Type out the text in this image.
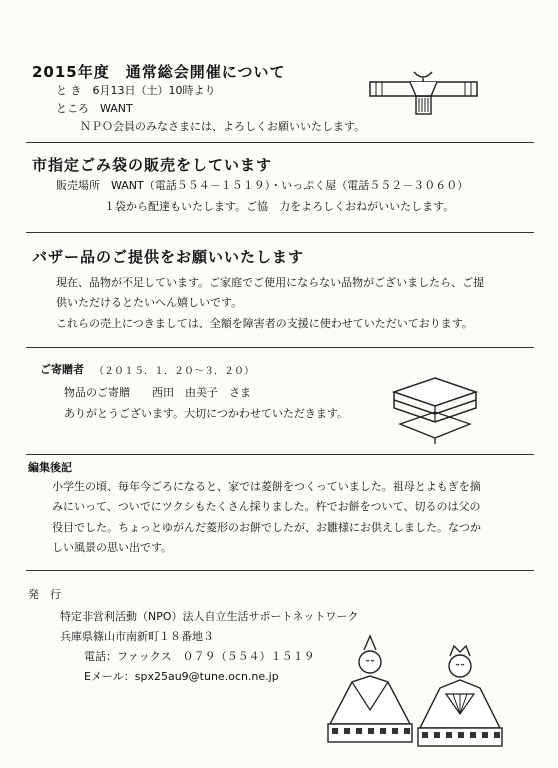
2015年度　通常総会開催について
と き　6月13日（土）10時より
ところ　WANT
ＮＰＯ会員のみなさまには、よろしくお願いいたします。
市指定ごみ袋の販売をしています
販売場所　WANT（電話５５４－１５１９）・いっぷく屋（電話５５２－３０６０）
１袋から配達もいたします。ご協　力をよろしくおねがいいたします。
バザー品のご提供をお願いいたします
現在、品物が不足しています。ご家庭でご使用にならない品物がございましたら、ご提
供いただけるとたいへん嬉しいです。
これらの売上につきましては、全額を障害者の支援に使わせていただいております。
ご寄贈者 （２０１５．１．２０～３．２０）
物品のご寄贈　　西田　由美子　さま
ありがとうございます。大切につかわせていただきます。
編集後記
小学生の頃、毎年今ごろになると、家では菱餅をつくっていました。祖母とよもぎを摘
みにいって、ついでにツクシもたくさん採りました。杵でお餅をついて、切るのは父の
役目でした。ちょっとゆがんだ菱形のお餅でしたが、お雛様にお供えしました。なつか
しい風景の思い出です。
発　行
特定非営利活動（NPO）法人自立生活サポートネットワーク
兵庫県篠山市南新町１８番地３
電話：ファックス　０７９（５５４）１５１９
Eメール：spx25au9@tune.ocn.ne.jp
